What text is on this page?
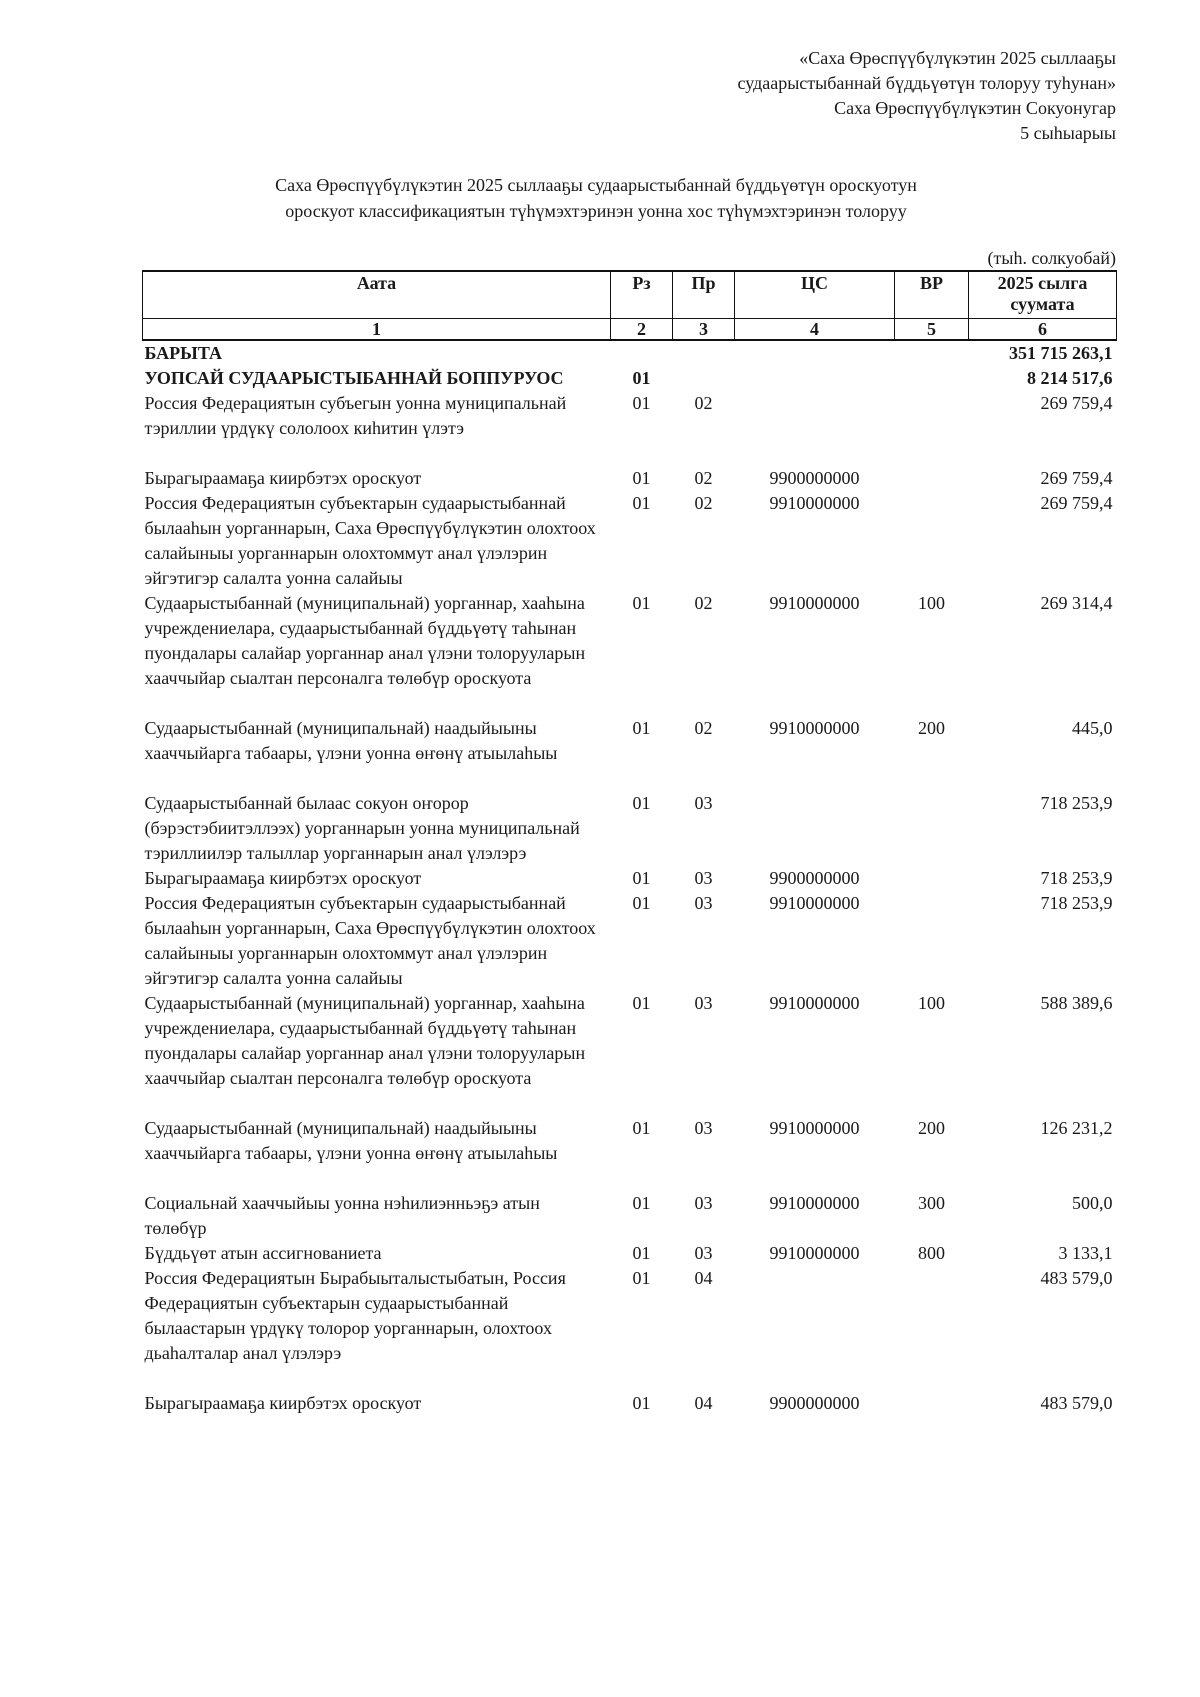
«Саха Өрөспүүбүлүкэтин 2025 сыллааҕы
судаарыстыбаннай бүддьүөтүн толоруу туһунан»
Саха Өрөспүүбүлүкэтин Сокуонугар
5 сыһыарыы
Саха Өрөспүүбүлүкэтин 2025 сыллааҕы судаарыстыбаннай бүддьүөтүн ороскуотун
ороскуот классификациятын түһүмэхтэринэн уонна хос түһүмэхтэринэн толоруу
(тыһ. солкуобай)
Аата	Рз	Пр	ЦС	ВР	2025 сылга суумата
1	2	3	4	5	6
БАРЫТА					351 715 263,1
УОПСАЙ СУДААРЫСТЫБАННАЙ БОППУРУОС	01				8 214 517,6
Россия Федерациятын субъегын уонна муниципальнай тэриллии үрдүкү сололоох киһитин үлэтэ	01	02			269 759,4
Бырагыраамаҕа киирбэтэх ороскуот	01	02	9900000000		269 759,4
Россия Федерациятын субъектарын судаарыстыбаннай былааһын уорганнарын, Саха Өрөспүүбүлүкэтин олохтоох салайыныы уорганнарын олохтоммут анал үлэлэрин эйгэтигэр салалта уонна салайыы	01	02	9910000000		269 759,4
Судаарыстыбаннай (муниципальнай) уорганнар, хааһына учреждениелара, судаарыстыбаннай бүддьүөтү таһынан пуондалары салайар уорганнар анал үлэни толорууларын хааччыйар сыалтан персоналга төлөбүр ороскуота	01	02	9910000000	100	269 314,4
Судаарыстыбаннай (муниципальнай) наадыйыыны хааччыйарга табаары, үлэни уонна өҥөнү атыылаһыы	01	02	9910000000	200	445,0
Судаарыстыбаннай былаас сокуон оҥорор (бэрэстэбиитэллээх) уорганнарын уонна муниципальнай тэриллиилэр талыллар уорганнарын анал үлэлэрэ	01	03			718 253,9
Бырагыраамаҕа киирбэтэх ороскуот	01	03	9900000000		718 253,9
Россия Федерациятын субъектарын судаарыстыбаннай былааһын уорганнарын, Саха Өрөспүүбүлүкэтин олохтоох салайыныы уорганнарын олохтоммут анал үлэлэрин эйгэтигэр салалта уонна салайыы	01	03	9910000000		718 253,9
Судаарыстыбаннай (муниципальнай) уорганнар, хааһына учреждениелара, судаарыстыбаннай бүддьүөтү таһынан пуондалары салайар уорганнар анал үлэни толорууларын хааччыйар сыалтан персоналга төлөбүр ороскуота	01	03	9910000000	100	588 389,6
Судаарыстыбаннай (муниципальнай) наадыйыыны хааччыйарга табаары, үлэни уонна өҥөнү атыылаһыы	01	03	9910000000	200	126 231,2
Социальнай хааччыйыы уонна нэһилиэнньэҕэ атын төлөбүр	01	03	9910000000	300	500,0
Бүддьүөт атын ассигнованиета	01	03	9910000000	800	3 133,1
Россия Федерациятын Бырабыыталыстыбатын, Россия Федерациятын субъектарын судаарыстыбаннай былаастарын үрдүкү толорор уорганнарын, олохтоох дьаһалталар анал үлэлэрэ	01	04			483 579,0
Бырагыраамаҕа киирбэтэх ороскуот	01	04	9900000000		483 579,0
